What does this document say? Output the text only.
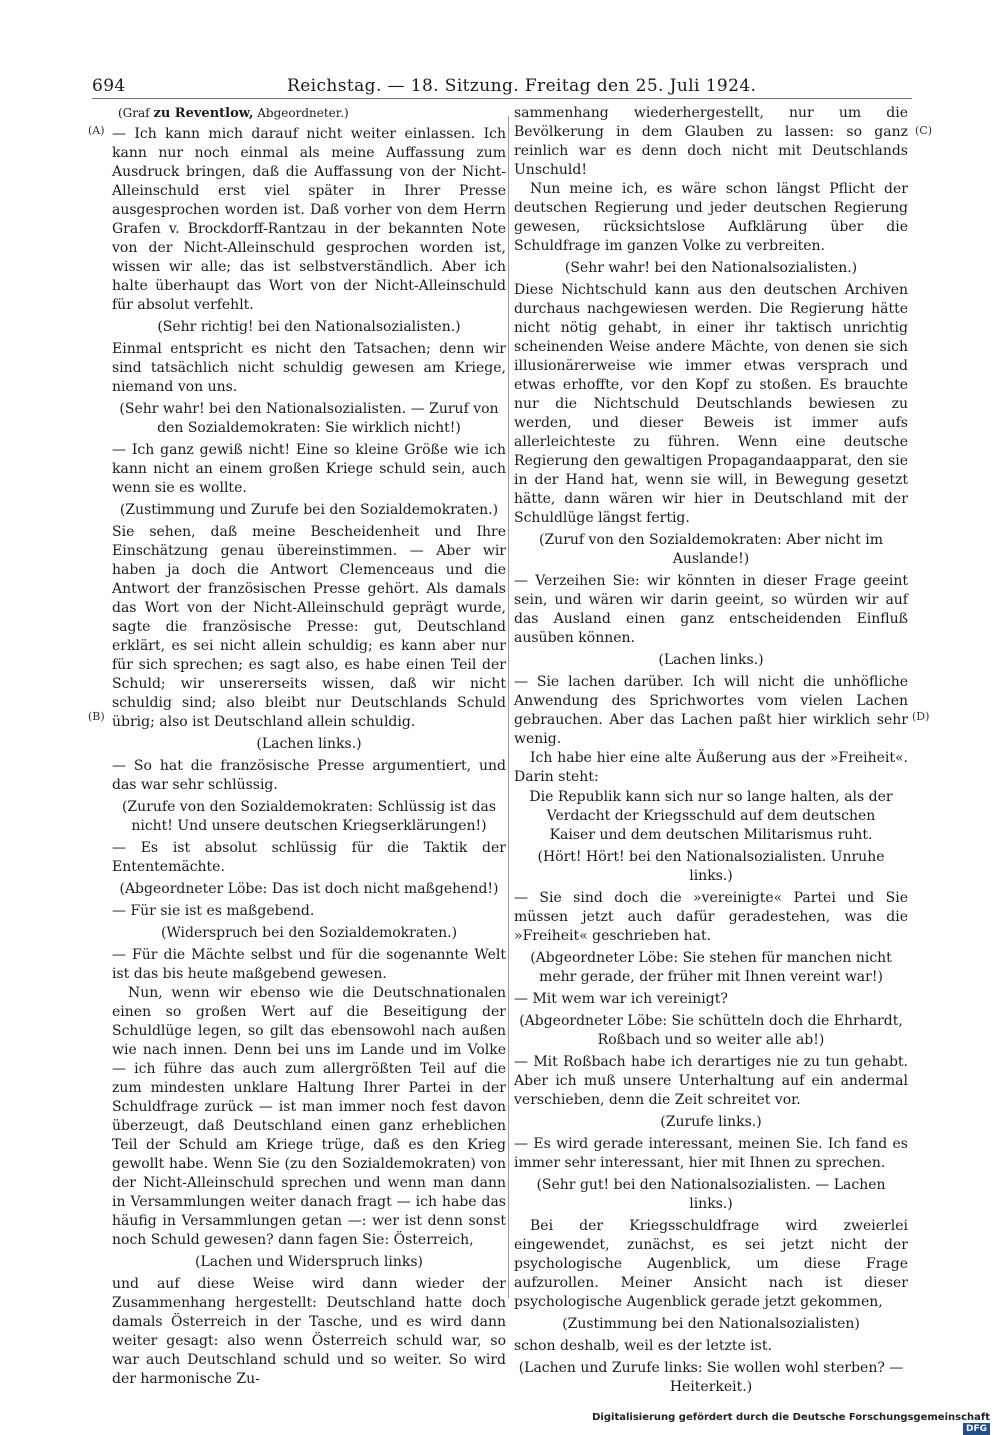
694	Reichstag. — 18. Sitzung. Freitag den 25. Juli 1924.
(A)
(B)
(C)
(D)

(Graf zu Reventlow, Abgeordneter.)

— Ich kann mich darauf nicht weiter einlassen. Ich kann nur noch einmal als meine Auffassung zum Ausdruck bringen, daß die Auffassung von der Nicht-Alleinschuld erst viel später in Ihrer Presse ausgesprochen worden ist. Daß vorher von dem Herrn Grafen v. Brockdorff-Rantzau in der bekannten Note von der Nicht-Alleinschuld gesprochen worden ist, wissen wir alle; das ist selbstverständlich. Aber ich halte überhaupt das Wort von der Nicht-Alleinschuld für absolut verfehlt.

(Sehr richtig! bei den Nationalsozialisten.)

Einmal entspricht es nicht den Tatsachen; denn wir sind tatsächlich nicht schuldig gewesen am Kriege, niemand von uns.

(Sehr wahr! bei den Nationalsozialisten. — Zuruf von den Sozialdemokraten: Sie wirklich nicht!)

— Ich ganz gewiß nicht! Eine so kleine Größe wie ich kann nicht an einem großen Kriege schuld sein, auch wenn sie es wollte.

(Zustimmung und Zurufe bei den Sozialdemokraten.)

Sie sehen, daß meine Bescheidenheit und Ihre Einschätzung genau übereinstimmen. — Aber wir haben ja doch die Antwort Clemenceaus und die Antwort der französischen Presse gehört. Als damals das Wort von der Nicht-Alleinschuld geprägt wurde, sagte die französische Presse: gut, Deutschland erklärt, es sei nicht allein schuldig; es kann aber nur für sich sprechen; es sagt also, es habe einen Teil der Schuld; wir unsererseits wissen, daß wir nicht schuldig sind; also bleibt nur Deutschlands Schuld übrig; also ist Deutschland allein schuldig.

(Lachen links.)

— So hat die französische Presse argumentiert, und das war sehr schlüssig.

(Zurufe von den Sozialdemokraten: Schlüssig ist das nicht! Und unsere deutschen Kriegserklärungen!)

— Es ist absolut schlüssig für die Taktik der Ententemächte.

(Abgeordneter Löbe: Das ist doch nicht maßgehend!)

— Für sie ist es maßgebend.

(Widerspruch bei den Sozialdemokraten.)

— Für die Mächte selbst und für die sogenannte Welt ist das bis heute maßgebend gewesen.

Nun, wenn wir ebenso wie die Deutschnationalen einen so großen Wert auf die Beseitigung der Schuldlüge legen, so gilt das ebensowohl nach außen wie nach innen. Denn bei uns im Lande und im Volke — ich führe das auch zum allergrößten Teil auf die zum mindesten unklare Haltung Ihrer Partei in der Schuldfrage zurück — ist man immer noch fest davon überzeugt, daß Deutschland einen ganz erheblichen Teil der Schuld am Kriege trüge, daß es den Krieg gewollt habe. Wenn Sie (zu den Sozialdemokraten) von der Nicht-Alleinschuld sprechen und wenn man dann in Versammlungen weiter danach fragt — ich habe das häufig in Versammlungen getan —: wer ist denn sonst noch Schuld gewesen? dann fagen Sie: Österreich,

(Lachen und Widerspruch links)

und auf diese Weise wird dann wieder der Zusammenhang hergestellt: Deutschland hatte doch damals Österreich in der Tasche, und es wird dann weiter gesagt: also wenn Österreich schuld war, so war auch Deutschland schuld und so weiter. So wird der harmonische Zu-

sammenhang wiederhergestellt, nur um die Bevölkerung in dem Glauben zu lassen: so ganz reinlich war es denn doch nicht mit Deutschlands Unschuld!

Nun meine ich, es wäre schon längst Pflicht der deutschen Regierung und jeder deutschen Regierung gewesen, rücksichtslose Aufklärung über die Schuldfrage im ganzen Volke zu verbreiten.

(Sehr wahr! bei den Nationalsozialisten.)

Diese Nichtschuld kann aus den deutschen Archiven durchaus nachgewiesen werden. Die Regierung hätte nicht nötig gehabt, in einer ihr taktisch unrichtig scheinenden Weise andere Mächte, von denen sie sich illusionärerweise wie immer etwas versprach und etwas erhoffte, vor den Kopf zu stoßen. Es brauchte nur die Nichtschuld Deutschlands bewiesen zu werden, und dieser Beweis ist immer aufs allerleichteste zu führen. Wenn eine deutsche Regierung den gewaltigen Propagandaapparat, den sie in der Hand hat, wenn sie will, in Bewegung gesetzt hätte, dann wären wir hier in Deutschland mit der Schuldlüge längst fertig.

(Zuruf von den Sozialdemokraten: Aber nicht im Auslande!)

— Verzeihen Sie: wir könnten in dieser Frage geeint sein, und wären wir darin geeint, so würden wir auf das Ausland einen ganz entscheidenden Einfluß ausüben können.

(Lachen links.)

— Sie lachen darüber. Ich will nicht die unhöfliche Anwendung des Sprichwortes vom vielen Lachen gebrauchen. Aber das Lachen paßt hier wirklich sehr wenig.

Ich habe hier eine alte Äußerung aus der »Freiheit«. Darin steht:

Die Republik kann sich nur so lange halten, als der Verdacht der Kriegsschuld auf dem deutschen Kaiser und dem deutschen Militarismus ruht.

(Hört! Hört! bei den Nationalsozialisten. Unruhe links.)

— Sie sind doch die »vereinigte« Partei und Sie müssen jetzt auch dafür geradestehen, was die »Freiheit« geschrieben hat.

(Abgeordneter Löbe: Sie stehen für manchen nicht mehr gerade, der früher mit Ihnen vereint war!)

— Mit wem war ich vereinigt?

(Abgeordneter Löbe: Sie schütteln doch die Ehrhardt, Roßbach und so weiter alle ab!)

— Mit Roßbach habe ich derartiges nie zu tun gehabt. Aber ich muß unsere Unterhaltung auf ein andermal verschieben, denn die Zeit schreitet vor.

(Zurufe links.)

— Es wird gerade interessant, meinen Sie. Ich fand es immer sehr interessant, hier mit Ihnen zu sprechen.

(Sehr gut! bei den Nationalsozialisten. — Lachen links.)

Bei der Kriegsschuldfrage wird zweierlei eingewendet, zunächst, es sei jetzt nicht der psychologische Augenblick, um diese Frage aufzurollen. Meiner Ansicht nach ist dieser psychologische Augenblick gerade jetzt gekommen,

(Zustimmung bei den Nationalsozialisten)

schon deshalb, weil es der letzte ist.

(Lachen und Zurufe links: Sie wollen wohl sterben? — Heiterkeit.)

Digitalisierung gefördert durch die Deutsche Forschungsgemeinschaft DFG
